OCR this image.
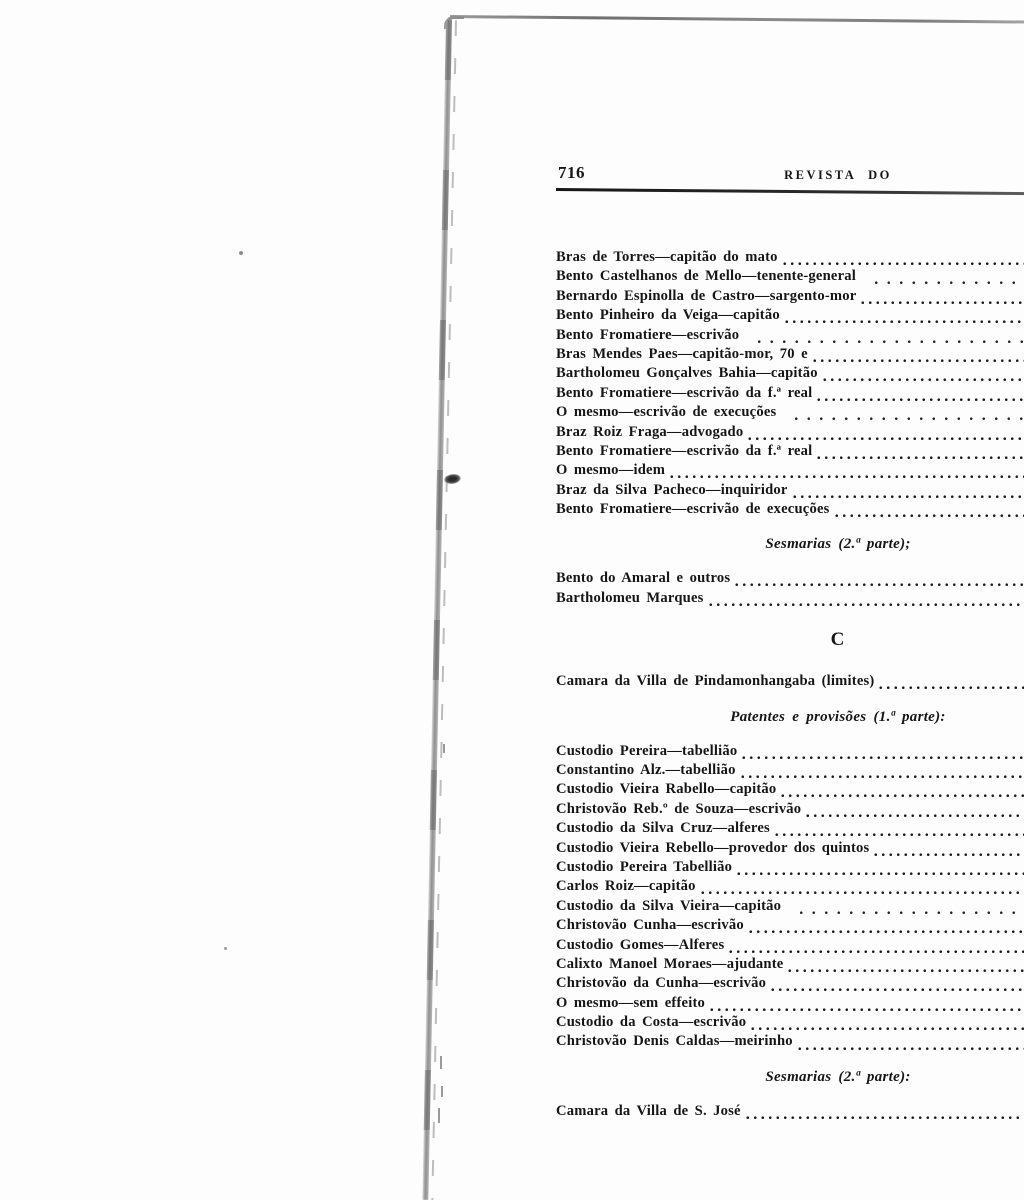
716	REVISTA DO
Bras de Torres—capitão do mato
Bento Castelhanos de Mello—tenente-general
Bernardo Espinolla de Castro—sargento-mor
Bento Pinheiro da Veiga—capitão
Bento Fromatiere—escrivão
Bras Mendes Paes—capitão-mor, 70 e
Bartholomeu Gonçalves Bahia—capitão
Bento Fromatiere—escrivão da f.ª real
O mesmo—escrivão de execuções
Braz Roiz Fraga—advogado
Bento Fromatiere—escrivão da f.ª real
O mesmo—idem
Braz da Silva Pacheco—inquiridor
Bento Fromatiere—escrivão de execuções
Sesmarias (2.ª parte);
Bento do Amaral e outros
Bartholomeu Marques
C
Camara da Villa de Pindamonhangaba (limites)
Patentes e provisões (1.ª parte):
Custodio Pereira—tabellião
Constantino Alz.—tabellião
Custodio Vieira Rabello—capitão
Christovão Reb.º de Souza—escrivão
Custodio da Silva Cruz—alferes
Custodio Vieira Rebello—provedor dos quintos
Custodio Pereira Tabellião
Carlos Roiz—capitão
Custodio da Silva Vieira—capitão
Christovão Cunha—escrivão
Custodio Gomes—Alferes
Calixto Manoel Moraes—ajudante
Christovão da Cunha—escrivão
O mesmo—sem effeito
Custodio da Costa—escrivão
Christovão Denis Caldas—meirinho
Sesmarias (2.ª parte):
Camara da Villa de S. José
